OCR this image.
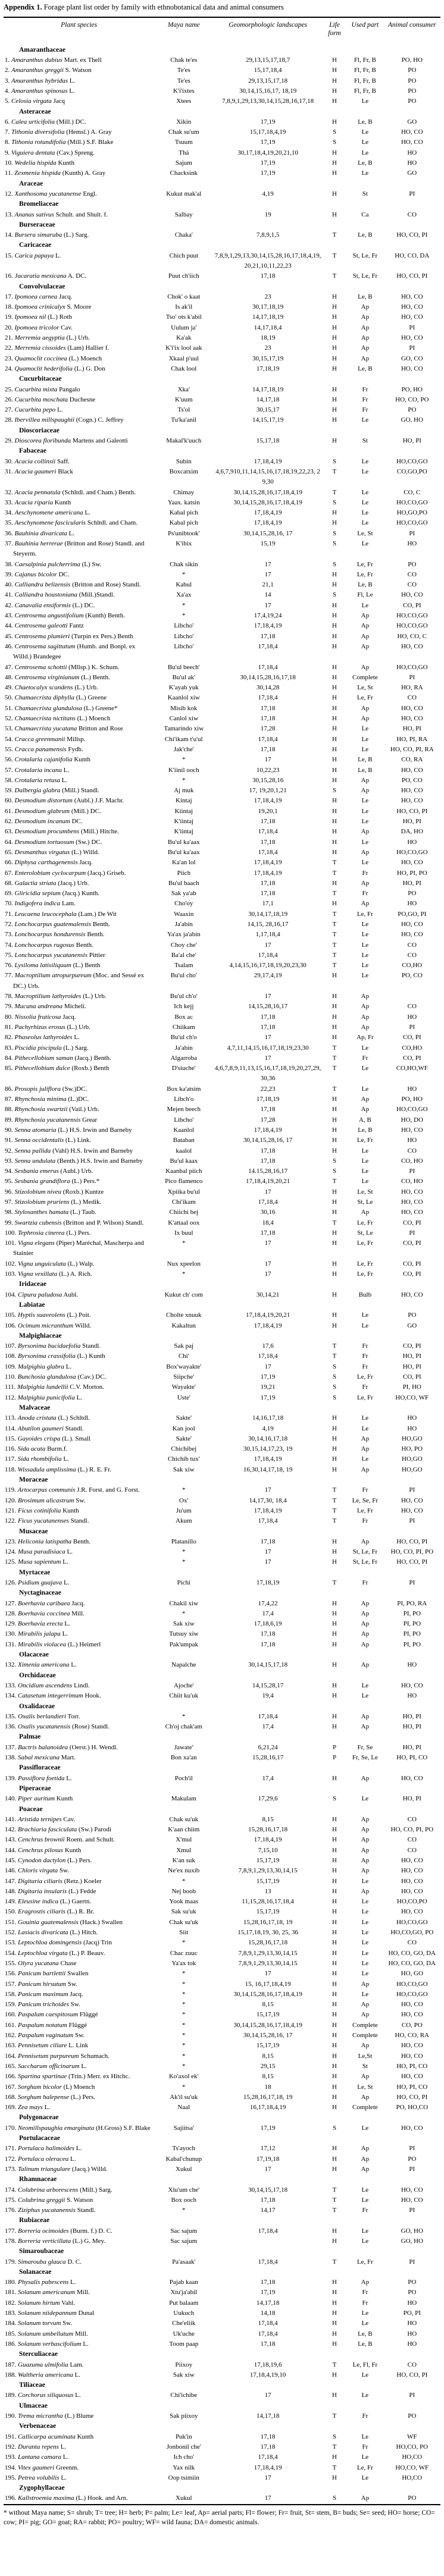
Appendix 1. Forage plant list order by family with ethnobotanical data and animal consumers

Plant species	Maya name	Geomorphologic landscapes	Life form	Used part	Animal consumer
Amaranthaceae					
1. Amaranthus dubius Mart. ex Thell	Chak te'es	29,13,15,17,18,7	H	Fl, Fr, B	PO, HO
2. Amaranthus greggii S. Watson	Te'es	15,17,18,4	H	Fl, Fr, B	PO
3. Amaranthus hybridus L.	Te'es	29,13,15,17,18	H	Fl, Fr, B	PO
4. Amaranthus spinosus L.	K'i'ixtes	30,14,15,16,17, 18,19	H	Fl, Fr, B	PO
5. Celosia virgata Jacq	Xtees	7,8,9,1,29,13,30,14,15,28,16,17,18	H	Le	PO
Asteraceae					
6. Calea urticifolia (Mill.) DC.	Xikin	17,19	H	Le, B	GO
7. Tithonia diversifolia (Hemsl.) A. Gray	Chak su'um	15,17,18,4,19	S	Le	HO, CO
8. Tithonia rotundifolia (Mill.) S.F. Blake	Tsuum	17,19	S	Le	HO, CO
9. Viguiera dentata (Cav.) Spreng.	Thá	30,17,18,4,19,20,21,10	H	Le	HO
10. Wedelia hispida Kunth	Sajum	17,19	H	Le, B	HO
11. Zexmenia hispida (Kunth) A. Gray	Chacksink	17,19	H	Le	GO
Araceae					
12. Xanthosoma yucatanense Engl.	Kukut mak'al	4,19	H	St	PI
Bromeliaceae					
13. Ananas sativus Schult. and Shult. f.	Salbay	19	H	Ca	CO
Burseraceae					
14. Bursera simaruba (L.) Sarg.	Chaka'	7,8,9,1,5	T	Le, B	HO, CO, PI
Caricaceae					
15. Carica papaya L.	Chich puut	7,8,9,1,29,13,30,14,15,28,16,17,18,4,19, 20,21,10,11,22,23	T	St, Le, Fr	HO, CO, DA
16. Jacaratia mexicana A. DC.	Puut ch'iich	17,18	T	St, Le, Fr	HO, CO, PI
Convolvulaceae					
17. Ipomoea carnea Jacq.	Chok' o kaat	23	H	Le, B	HO, CO
18. Ipomoea crinicalyx S. Moore	Is ak'il	30,17,18,19	H	Ap	HO, CO
19. Ipomoea nil (L.) Roth	Tso' ots k'abil	14,17,18,19	H	Ap	HO, CO
20. Ipomoea tricolor Cav.	Uulum ja'	14,17,18,4	H	Ap	PI
21. Merremia aegyptia (L.) Urb.	Ka'ak	18,19	H	Ap	HO, CO
22. Merremia cissoides (Lam) Hallier f.	K'i'ix lool aak	23	H	Ap	PI
23. Quamoclit coccinea (L.) Moench	Xkaal p'uul	30,15,17,19	H	Ap	GO, CO
24. Quamoclit hederifolia (L.) G. Don	Chak lool	17,18,19	H	Le, B	HO, CO
Cucurbitaceae					
25. Cucurbita mixta Pangalo	Xka'	14,17,18,19	H	Fr	PO, HO
26. Cucurbita moschata Duchesne	K'uum	14,17,18	H	Fr	HO, CO, PO
27. Cucurbita pepo L.	Ts'ol	30,15,17	H	Fr	PO
28. Ibervillea millspaughii (Cogn.) C. Jeffrey	Tu'ka'anil	14,15,17,19	H	Le	GO, HO
Dioscoriaceae					
29. Dioscorea floribunda Martens and Galeotti	Makal'k'uuch	15,17,18	H	St	HO, PI
Fabaceae					
30. Acacia collinsii Saff.	Subin	17,18,4,19	S	Le	HO,CO,GO
31. Acacia gaumeri Black	Boxcatxim	4,6,7,910,11,14,15,16,17,18,19,22,23, 29,30	T	Le	CO,GO,PO
32. Acacia pennatula (Schltdl. and Cham.) Benth.	Chimay	30,14,15,28,16,17,18,4,19	T	Le	CO, C
33. Acacia riparia Kunth	Yaax. katsin	30,14,15,28,16,17,18,4,19	S	Le	HO,CO,GO
34. Aeschynomene americana L.	Kabal pich	17,18,4,19	H	Le	HO,GO,PO
35. Aeschynomene fascicularis Schltdl. and Cham.	Kabal pich	17,18,4,19	H	Le	HO,CO,GO
36. Bauhinia divaricata L.	Ps'unibtook'	30,14,15,28,16, 17	S	Le, St	PI
37. Bauhinia herrerae (Britton and Rose) Standl. and Steyerm.	K'ibix	15,19	S	Le	HO
38. Caesalpinia pulcherrima (L) Sw.	Chak sikin	17	S	Le, Fr	PO
39. Cajanus bicolor DC.	*	17	H	Le, Fr	CO
40. Calliandra belizensis (Britton and Rose) Standl.	Kabul	21,1	H	Le, B	CO
41. Calliandra houstoniana (Mill.)Standl.	Xa'ax	14	S	Fl, Le	HO, CO
42. Canavalia ensiformis (L.) DC.	*	17	H	Le	CO, PI
43. Centrosema angustifolium (Kunth) Benth.	*	17,4,19,24	H	Ap	HO,CO,GO
44. Centrosema galeotti Fantz	Libcho'	17,18,4,19	H	Ap	HO,CO,GO
45. Centrosema plumieri (Turpin ex Pers.) Benth	Libcho'	17,18	H	Ap	HO, CO, C
46. Centrosema sagittatum (Humb. and Bonpl. ex Willd.) Brandegee	Libcho'	17,18,4	H	Ap	HO, CO
47. Centrosema schottii (Mllsp.) K. Schum.	Bu'ul beech'	17,18,4	H	Ap	HO,CO,GO
48. Centrosema virginianum (L.) Benth.	Bu'ul ak'	30,14,15,28,16,17,18	H	Complete	PI
49. Chaetocalyx scandens (L.) Urb.	K'ayab yuk	30,14,28	H	Le, St	HO, RA
50. Chamaecrista diphylla (L.) Greene	Kaanlol xiw	17,18,4	H	Le, Fr	CO
51. Chamaecrista glandulosa (L.) Greene*	Misib kok	17,18	H	Ap	HO, CO
52. Chamaecrista nictitans (L.) Moench	Canlol xiw	17,18	H	Ap	HO, CO
53. Chamaecrista yucatana Britton and Rose	Tamarindo xiw	17,28	H	Le	HO, PI
54. Cracca greenmanii Millsp.	Chi'ikam t'u'ul	17,18,4	H	Le	HO, PI, RA
55. Cracca panamensis Fydb.	Jak'che'	17,18	H	Le	HO, CO, PI, RA
56. Crotalaria cajanifolia Kunth	*	17	H	Le, B	CO, RA
57. Crotalaria incana L.	K'iinil ooch	10,22,23	H	Le, B	HO, CO
58. Crotalaria retusa L.	*	30,15,28,16	H	Ap	PO, CO
59. Dalbergia glabra (Mill.) Standl.	Aj muk	17, 19,20,1,21	S	Ap	HO, CO
60. Desmodium distortum (Aubl.) J.F. Macbr.	Kintaj	17,18,4,19	H	Le	HO, CO
61. Desmodium glabrum (Mill.) DC.	Kiintaj	19,20,1	H	Le	HO, CO, PI
62. Desmodium incanum DC.	K'iintaj	17,18	H	Le	HO, PI
63. Desmodium procumbens (Mill.) Hitche.	K'iintaj	17,18,4	H	Ap	DA, HO
64. Desmodium tortuosum (Sw.) DC.	Bu'ul ka'aax	17,18	H	Le	HO
65. Desmanthus virgatus (L.) Willd.	Bu'ul ka'aax	17,18,4	H	Ap	HO,CO,GO
66. Diphysa carthagenensis Jacq.	Ka'an lol	17,18,4,19	T	Le	HO, CO
67. Enterolobium cyclocarpum (Jacq.) Griseb.	Piich	17,18,4,19	T	Fr	HO, PI, PO
68. Galactia striata (Jacq.) Urb.	Bu'ul baach	17,18	H	Ap	HO, PI
69. Gliricidia sepium (Jacq.) Kunth.	Sak ya'ab	17,18	T	Fr	PO
70. Indigofera indica Lam.	Cho'oy	17,1	H	Ap	HO
71. Leucaena leucocephala (Lam.) De Wit	Waaxin	30,14,17,18,19	T	Le, Fr	PO,GO, PI
72. Lonchocarpus guatemalensis Benth.	Ja'abin	14,15, 28,16,17	T	Le	HO, CO
73. Lonchocarpus hondurensis Benth.	Ya'ax ja'abin	1,17,18,4	T	Le	HO, CO
74. Lonchocarpus rugosus Benth.	Choy che'	17	T	Le	CO
75. Lonchocarpus yucatanensis Pittier	Ba'al che'	17,18,4	T	Le	CO
76. Lysiloma latisiliquum (L.) Benth	Tsalam	4,14,15,16,17,18,19,20,23,30	T	Le	CO,HO
77. Macroptilium atropurpureum (Moc. and Sessé ex DC.) Urb.	Bu'ul cho'	29,17,4,19	H	Le	PO, CO
78. Macroptilium lathyroides (L.) Urb.	Bu'ul ch'o'	17	H	Ap	
79. Mucuna andreana Micheli.	Ich kejj	14,15,28,16,17	H	Ap	CO
80. Nissolia fruticosa Jacq.	Box ac	17,18	H	Ap	HO
81. Pachyrhizus erosus (L.) Urb.	Chiikam	17,18	H	Ap	PI
82. Phaseolus lathyroides L.	Bu'ul ch'o	17	H	Ap, Fr	CO, PI
83. Piscidia piscipula (L.) Sarg.	Ja'abin	4,7,11,14,15,16,17,18,19,23,30	T	Le	CO,HO
84. Pithecellobium saman (Jacq.) Benth.	Algarroba	17	T	Fr	CO, PI
85. Pithecellobium dulce (Roxb.) Benth	D'siuche'	4,6,7,8,9,11,13,15,16,17,18,19,20,27,29,30,36	T	Le	CO,HO,WF
86. Prosopis juliflora (Sw.)DC.	Box ka'atsim	22,23	T	Le	HO
87. Rhynchosia minima (L.)DC.	Libch'o	17,18,19	H	Ap	PO, HO
88. Rhynchosia swartzii (Vail.) Urb.	Mejen beech	17,18	H	Ap	HO,CO,GO
89. Rhynchosia yucatanensis Grear	Libcho'	17,28	H	A, B	HO, DO
90. Senna atomaria (L.) H.S. Irwin and Barneby	Kaanlol	17,18,4,19	H	Le, B	HO, CO
91. Senna occidentalis (L.) Link.	Bataban	30,14,15,28,16, 17	H	Le, Fr	HO
92. Senna pallida (Vahl) H.S. Irwin and Barneby	kaalol	17,18	H	Le	CO
93. Senna undulata (Benth.) H.S. Irwin and Barneby	Bu'ul kaax	17,18	S	Le	CO, HO
94. Sesbania emerus (Aubl.) Urb.	Kaanbal piich	14.15,28,16,17	S	Le	PI
95. Sesbania grandiflora (L.) Pers.*	Pico flamenco	17,18,4,19,20,21	T	Le	CO, HO
96. Stizolobium niveu (Roxb.) Kuntze	Xpiika bu'ul	17	H	Le, St	HO, CO
97. Stizolobium pruriens (L.) Medik.	Chi'ikam	17,18,4	H	St, Le	HO, CO
98. Stylosanthes hamata (L.) Taub.	Chiichi bej	30,16	H	Ap	HO, CO
99. Swartzia cubensis (Britton and P. Wilson) Standl.	K'attaal oox	18,4	T	Le, Fr	CO, PI
100. Tephrosia cinerea (L.) Pers.	Ix buul	17,18	H	St, Le	PI
101. Vigna elegans (Piper) Maréchal, Mascherpa and Stainier	*	17	H	Le, Fr	CO, PI
102. Vigna unguiculata (L.) Walp.	Nux xpeelon	17	H	Le, Fr	CO, PI
103. Vigna vexillata (L.) A. Rich.	*	17	H	Le, Fr	CO, PI
Iridaceae					
104. Cipura paludosa Aubl.	Kukut ch' com	30,14,21	H	Bulb	HO, CO
Labiatae					
105. Hyptis suaveolens (L.) Poit.	Cholte xnuuk	17,18,4,19,20,21	H	Le	PO
106. Ocimum micranthum Willd.	Kakaltun	17,18,4,19	H	Le	GO
Malpighiaceae					
107. Byrsonima bucidaefolia Standl.	Sak paj	17,6	T	Fr	CO, PI
108. Byrsonima crassifolia (L.) Kunth	Chi'	17,18,4	T	Fr	HO, PI
109. Malpighia glabra L.	Box'wayakte'	17	S	Fr	HO, PI
110. Bunchosia glandulosa (Cav.) DC.	Siipche'	17,19	S	Le, Fr	CO, PI
111. Malpighia lundellii C.V. Morton.	Wayakte'	19,21	S	Fr	PI, HO
112. Malpighia punicifolia L.	Uste'	17,19	S	Le, Fr	HO,CO, WF
Malvaceae					
113. Anoda cristata (L.) Schltdl.	Sakte'	14,16,17,18	H	Le	HO
114. Abutilon gaumeri Standl.	Kan jool	4,19	H	Le	HO
115. Gayoides crispa (L.). Small	Sakte'	30,14,16,17,18	H	Ap	HO,GO
116. Sida acuta Burm.f.	Chichibej	30,15,14,17,23, 19	H	Ap	HO, PO
117. Sida rhombifolia L.	Chichib tux'	17,18,4,19	H	Le	HO,GO
118. Wissadula amplissima (L.) R. E. Fr.	Sak xiw	16,30,14,17,18, 19	H	Ap	HO,GO
Moraceae					
119. Artocarpus communis J.R. Forst. and G. Forst.	*	17	T	Fr	PI
120. Brosimum alicastrum Sw.	Ox'	14,17,30, 18,4	T	Le, Se, Fr	HO, CO
121. Ficus cotinifolia Kunth	Ju'um	17,18,4,19	T	Le, Fr	HO, CO
122. Ficus yucatanenses Standl.	Akum	17,18,4	T	Fr	PI
Musaceae					
123. Heliconia latispatha Benth.	Platanillo	17,18	H	Ap	HO, CO, PI
124. Musa paradisiaca L.	*	17	H	St, Le, Fr	HO, CO, PI, PO
125. Musa sapientum L.	*	17	H	St, Le, Fr	HO, CO, PI
Myrtaceae					
126. Psidium guajava L.	Pichi	17,18,19	T	Fr	PI
Nyctaginaceae					
127. Boerhavia caribaea Jacq.	Chakil xiw	17,4,22	H	Ap	PI, PO, RA
128. Boerhavia coccinea Mill.	*	17,4	H	Ap	PI, PO
129. Boerhavia erecta L.	Sak xiw	17,18,6,19	H	Ap	PI, PO
130. Mirabilis jalapa L.	Tutsuy xiw	17,18	H	Ap	PI, PO
131. Mirabilis violacea (L.) Heimerl	Pak'umpak	17,18	H	Ap	PI, PO
Olacaceae					
132. Ximenia americana L.	Napalche	30,14,15,17,18	H	Ap	HO
Orchidaceae					
133. Oncidium ascendens Lindl.	Ajoche'	14,15,28,17	H	Le	HO, CO
134. Catasetum integerrimum Hook.	Chiit ku'uk	19,4	H	Le	HO
Oxalidaceae					
135. Oxalis berlandieri Torr.	*	17,18,4	H	Ap	HO, PI
136. Oxalis yucatanensis (Rose) Standl.	Ch'oj chak'am	17,4	H	Ap	HO, PI
Palmae					
137. Bactris balanoidea (Oerst.) H. Wendl.	Jawate'	6,21,24	P	Fr, Se	HO, PI
138. Sabal mexicana Mart.	Bon xa'an	15,28,16,17	P	Fr, Se, Le	HO, PI, CO
Passifloraceae					
139. Passiflora foetida L.	Poch'il	17,4	H	Ap	HO, CO
Piperaceae					
140. Piper auritum Kunth	Makulam	17,29,6	S	Le	HO, PI
Poaceae					
141. Aristida ternipes Cav.	Chak su'uk	8,15	H	Ap	CO
142. Brachiaria fasciculata (Sw.) Parodi	K'aan chiim	15,28,16,17,18	H	Ap	HO, CO, PI, PO
143. Cenchrus brownii Roem. and Schult.	X'mul	17,18,4,19	H	Ap	CO
144. Cenchrus pilosus Kunth	Xmul	7,15,10	H	Ap	CO
145. Cynodon dactylon (L.) Pers.	K'an suk	15,17,19	H	Ap	HO, CO
146. Chloris virgata Sw.	Ne'ex nuxib	7,8,9,1,29,13,30,14,15	H	Ap	HO, CO
147. Digitaria ciliaris (Retz.) Koeler	*	15,17,19	H	Le	HO, CO
148. Digitaria insularis (L.) Fedde	Nej boob	13	H	Ap	HO, CO
149. Eleusine indica (L.) Gaertn.	Yook maas	11,15,28,16,17,18,4	H	Le	HO,CO,PO
150. Eragrostis ciliaris (L.) R. Br.	Sak su'uk	15,17,19	H	Le	HO, CO
151. Gouinia guatemalensis (Hack.) Swallen	Chak su'uk	15,28,16,17,18, 19	H	Le	HO,CO,GO
152. Lasiacis divaricata (L.) Hitch.	Siit	15,17,18,19, 30, 25, 36	H	Le	HO,CO,GO, PO
153. Leptochloa domingensis (Jacq) Trin	*	15,28,16,17,18	H	Le	CO
154. Leptochloa virgata (L.) P. Beauv.	Chac zuuc	7,8,9,1,29,13,30,14,15	H	Le	HO, CO, GO, DA
155. Olyra yucatana Chase	Ya'ax tok	7,8,9,1,29,13,30,14,15	H	Le	HO, CO, GO, DA
156. Panicum bartlettii Swallen	*	17	H	Le	HO, GO
157. Panicum hirsutum Sw.	*	15, 16,17,18,4,19	H	Ap	HO,CO,GO
158. Panicum maximum Jacq.	*	30,14,15,28,16,17,18,4,19	H	Le	HO,CO,GO
159. Panicum trichoides Sw.	*	8,15	H	Ap	HO, CO
160. Paspalum caespitosum Flüggé	*	15,17,19	H	Ap	HO, CO
161. Paspalum notatum Flüggé	*	30,14,15,28,16,17,18,4,19	H	Complete	CO, PO
162. Paspalum vaginatum Sw.	*	30,14,15,28,16, 17	H	Complete	HO, CO, RA
163. Pennisetum ciliare L. Link	*	15,17,19	H	Ap	HO, CO
164. Pennisetum purpureum Schumach.	*	8,15	H	Le,St	HO, CO
165. Saccharum officinarum L.	*	29,15	H	St	HO, PI, CO
166. Spartina spartinae (Trin.) Merr. ex Hitchc.	Ko'axol ek'	8,15	H	Ap	HO, CO
167. Sorghum bicolor (L) Moench	*	18	H	Le, St	HO, PI, CO
168. Sorghum halepense (L.) Pers.	Ak'il su'uk	15,28,16,17,18, 19	H	Ap	HO, CO, PI
169. Zea mays L.	Naal	16,17,18,4,19	H	Complete	PO, HO,CO
Polygonaceae					
170. Neomillspaughia emarginata (H.Gross) S.F. Blake	Sajiitsa'	17,19	S	Le	HO, CO
Portulacaceae					
171. Portulaca halimoides L.	Ts'ayoch	17,12	H	Ap	PI
172. Portulaca oleracea L.	Kabal'chunup	17,19,18	H	Ap	PO
173. Talinum triangulare (Jacq.) Willd.	Xukul	17	H	Ap	PI
Rhamnaceae					
174. Colubrina arborescens (Mill.) Sarg.	Xlu'um che'	30,14,15,17,18	T	Le	HO, CO
175. Colubrina greggii S. Watson	Box ooch	17,18	T	Le	HO, CO
176. Ziziphus yucatanensis Standl.	*	14,17	T	Fr	PI
Rubiaceae					
177. Borreria ocimoides (Burm. f.) D. C.	Sac sajum	17,18,4	H	Le	GO, HO
178. Borreria verticillata (L.) G. Mey.	Sac sajum		H	Le	GO, HO
Simaroubaceae					
179. Simarouba glauca D. C.	Pa'asaak'	17,18,4	T	Le, Fr	PI
Solanaceae					
180. Physalis pubescens L.	Pajab kaan	17,18	H	Ap	PO
181. Solanum americanum Mill.	Xtu'ja'abil	17,19	H	Fr	PO
182. Solanum hirtum Vahl.	Put balaam	14,17,18	H	Fr	HO
183. Solanum niidepannum Dunal	Uukuch	14,18	H	Le	PO, PI
184. Solanum torvum Sw.	Che'eliik	17,18,4	H	Le	HO
185. Solanum umbellatum Mill.	Uk'uche	17,18,4	H	Le, B	HO
186. Solanum verbascifolium L.	Toom paap	17,18	H	Le, B	HO
Sterculiaceae					
187. Guazuma ulmifolia Lam.	Piixoy	17,18,19,6	T	Le, Fl, Fr	CO
188. Waltheria americana L.	Sak xiw	17,18,4,19,10	H	Le	HO, CO, PI
Tiliaceae					
189. Corchorus siliquosus L.	Chi'ichibe	17	H	Le	PI
Ulmaceae					
190. Trema micrantha (L.) Blume	Sak piixoy	14,17,18	T	Fr	PO
Verbenaceae					
191. Callicarpa acuminata Kunth	Puk'in	17,18	S	Le	WF
192. Duranta repens L.	Jonbonil che'	17,18	T	Fr	HO,CO, PO
193. Lantana camara L.	Ich cho'	17,18,4	H	Le	HO,CO
194. Vitex gaumeri Greenm.	Yax nilk	17,18,4,19	T	Le, Fr	HO,CO, WF
195. Petrea volubilis L.	Oop tsimiin	17	H	Le	HO,CO
Zygophyllaceae					
196. Kallstroemia maxima (L.) Hook. and Arn.	Xukul	17	S	Ap	PO

* without Maya name; S= shrub; T= tree; H= herb; P= palm; Le= leaf, Ap= aerial parts; Fl= flower; Fr= fruit, St= stem, B= buds; Se= seed; HO= horse; CO= cow; PI= pig; GO= goat; RA= rabbit; PO= poultry; WF= wild fauna; DA= domestic animals.
